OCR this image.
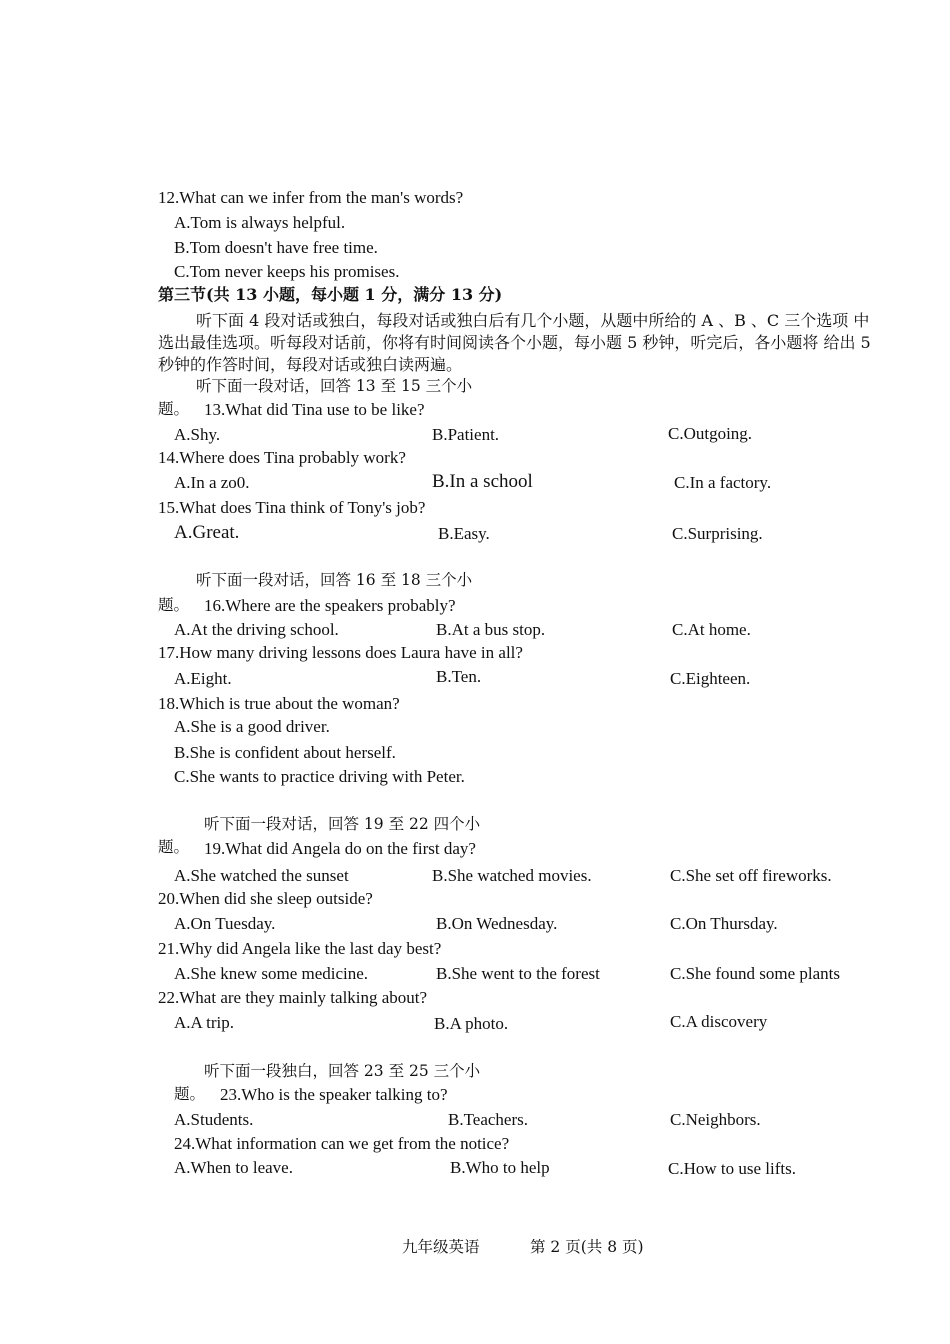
12.What can we infer from the man's words?
A.Tom is always helpful.
B.Tom doesn't have free time.
C.Tom never keeps his promises.
第三节(共 13 小题，每小题 1 分，满分 13 分)
听下面 4 段对话或独白，每段对话或独白后有几个小题，从题中所给的 A 、B 、C 三个选项 中选出最佳选项。听每段对话前，你将有时间阅读各个小题，每小题 5 秒钟，听完后，各小题将 给出 5 秒钟的作答时间，每段对话或独白读两遍。
听下面一段对话，回答 13 至 15 三个小
题。 13.What did Tina use to be like?
A.Shy.	B.Patient.	C.Outgoing.
14.Where does Tina probably work?
A.In a zo0.	B.In a school	C.In a factory.
15.What does Tina think of Tony's job?
A.Great.	B.Easy.	C.Surprising.
听下面一段对话，回答 16 至 18 三个小
题。 16.Where are the speakers probably?
A.At the driving school.	B.At a bus stop.	C.At home.
17.How many driving lessons does Laura have in all?
A.Eight.	B.Ten.	C.Eighteen.
18.Which is true about the woman?
A.She is a good driver.
B.She is confident about herself.
C.She wants to practice driving with Peter.
听下面一段对话，回答 19 至 22 四个小
题。 19.What did Angela do on the first day?
A.She watched the sunset	B.She watched movies.	C.She set off fireworks.
20.When did she sleep outside?
A.On Tuesday.	B.On Wednesday.	C.On Thursday.
21.Why did Angela like the last day best?
A.She knew some medicine.	B.She went to the forest	C.She found some plants
22.What are they mainly talking about?
A.A trip.	B.A photo.	C.A discovery
听下面一段独白，回答 23 至 25 三个小
题。 23.Who is the speaker talking to?
A.Students.	B.Teachers.	C.Neighbors.
24.What information can we get from the notice?
A.When to leave.	B.Who to help	C.How to use lifts.
九年级英语	第 2 页(共 8 页)
